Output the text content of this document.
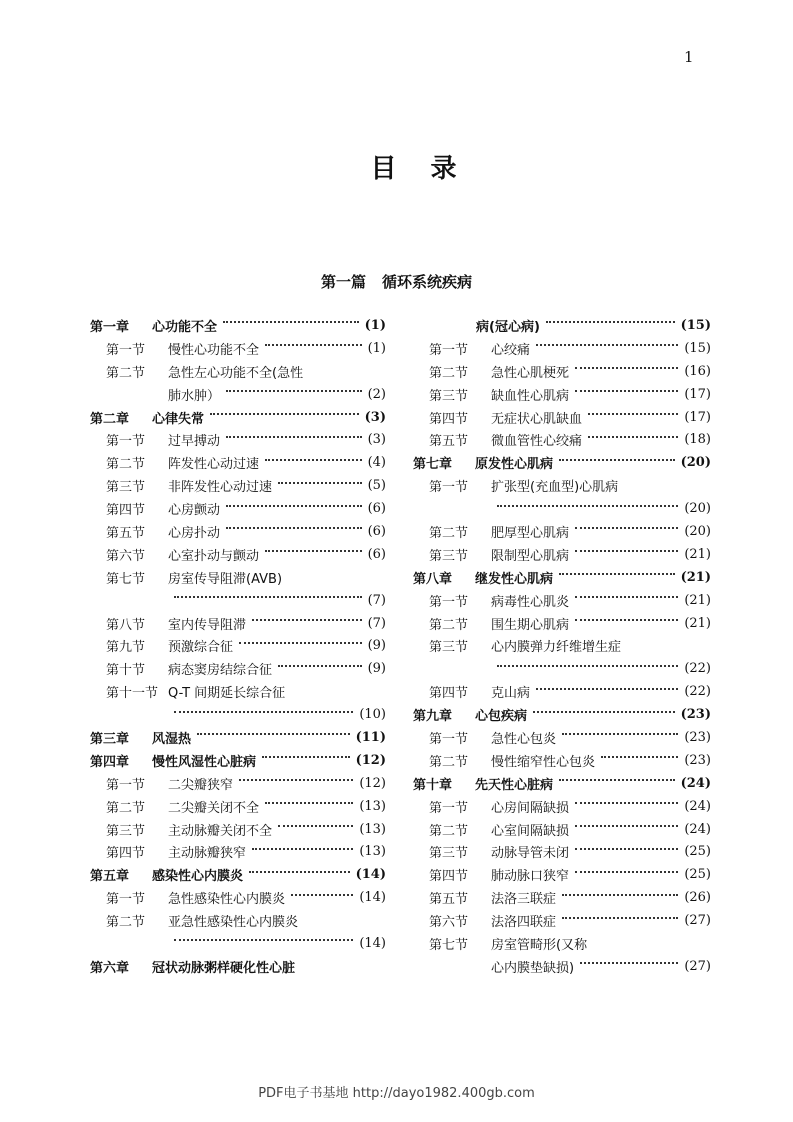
1
目录
第一篇 循环系统疾病
第一章	心功能不全	(1)
第一节	慢性心功能不全	(1)
第二节	急性左心功能不全(急性
肺水肿）	(2)
第二章	心律失常	(3)
第一节	过早搏动	(3)
第二节	阵发性心动过速	(4)
第三节	非阵发性心动过速	(5)
第四节	心房颤动	(6)
第五节	心房扑动	(6)
第六节	心室扑动与颤动	(6)
第七节	房室传导阻滞(AVB)
(7)
第八节	室内传导阻滞	(7)
第九节	预激综合征	(9)
第十节	病态窦房结综合征	(9)
第十一节 Q-T 间期延长综合征
(10)
第三章	风湿热	(11)
第四章	慢性风湿性心脏病	(12)
第一节	二尖瓣狭窄	(12)
第二节	二尖瓣关闭不全	(13)
第三节	主动脉瓣关闭不全	(13)
第四节	主动脉瓣狭窄	(13)
第五章	感染性心内膜炎	(14)
第一节	急性感染性心内膜炎	(14)
第二节	亚急性感染性心内膜炎
(14)
第六章	冠状动脉粥样硬化性心脏
病(冠心病)	(15)
第一节	心绞痛	(15)
第二节	急性心肌梗死	(16)
第三节	缺血性心肌病	(17)
第四节	无症状心肌缺血	(17)
第五节	微血管性心绞痛	(18)
第七章	原发性心肌病	(20)
第一节	扩张型(充血型)心肌病
(20)
第二节	肥厚型心肌病	(20)
第三节	限制型心肌病	(21)
第八章	继发性心肌病	(21)
第一节	病毒性心肌炎	(21)
第二节	围生期心肌病	(21)
第三节	心内膜弹力纤维增生症
(22)
第四节	克山病	(22)
第九章	心包疾病	(23)
第一节	急性心包炎	(23)
第二节	慢性缩窄性心包炎	(23)
第十章	先天性心脏病	(24)
第一节	心房间隔缺损	(24)
第二节	心室间隔缺损	(24)
第三节	动脉导管未闭	(25)
第四节	肺动脉口狭窄	(25)
第五节	法洛三联症	(26)
第六节	法洛四联症	(27)
第七节	房室管畸形(又称
心内膜垫缺损)	(27)
PDF电子书基地 http://dayo1982.400gb.com
